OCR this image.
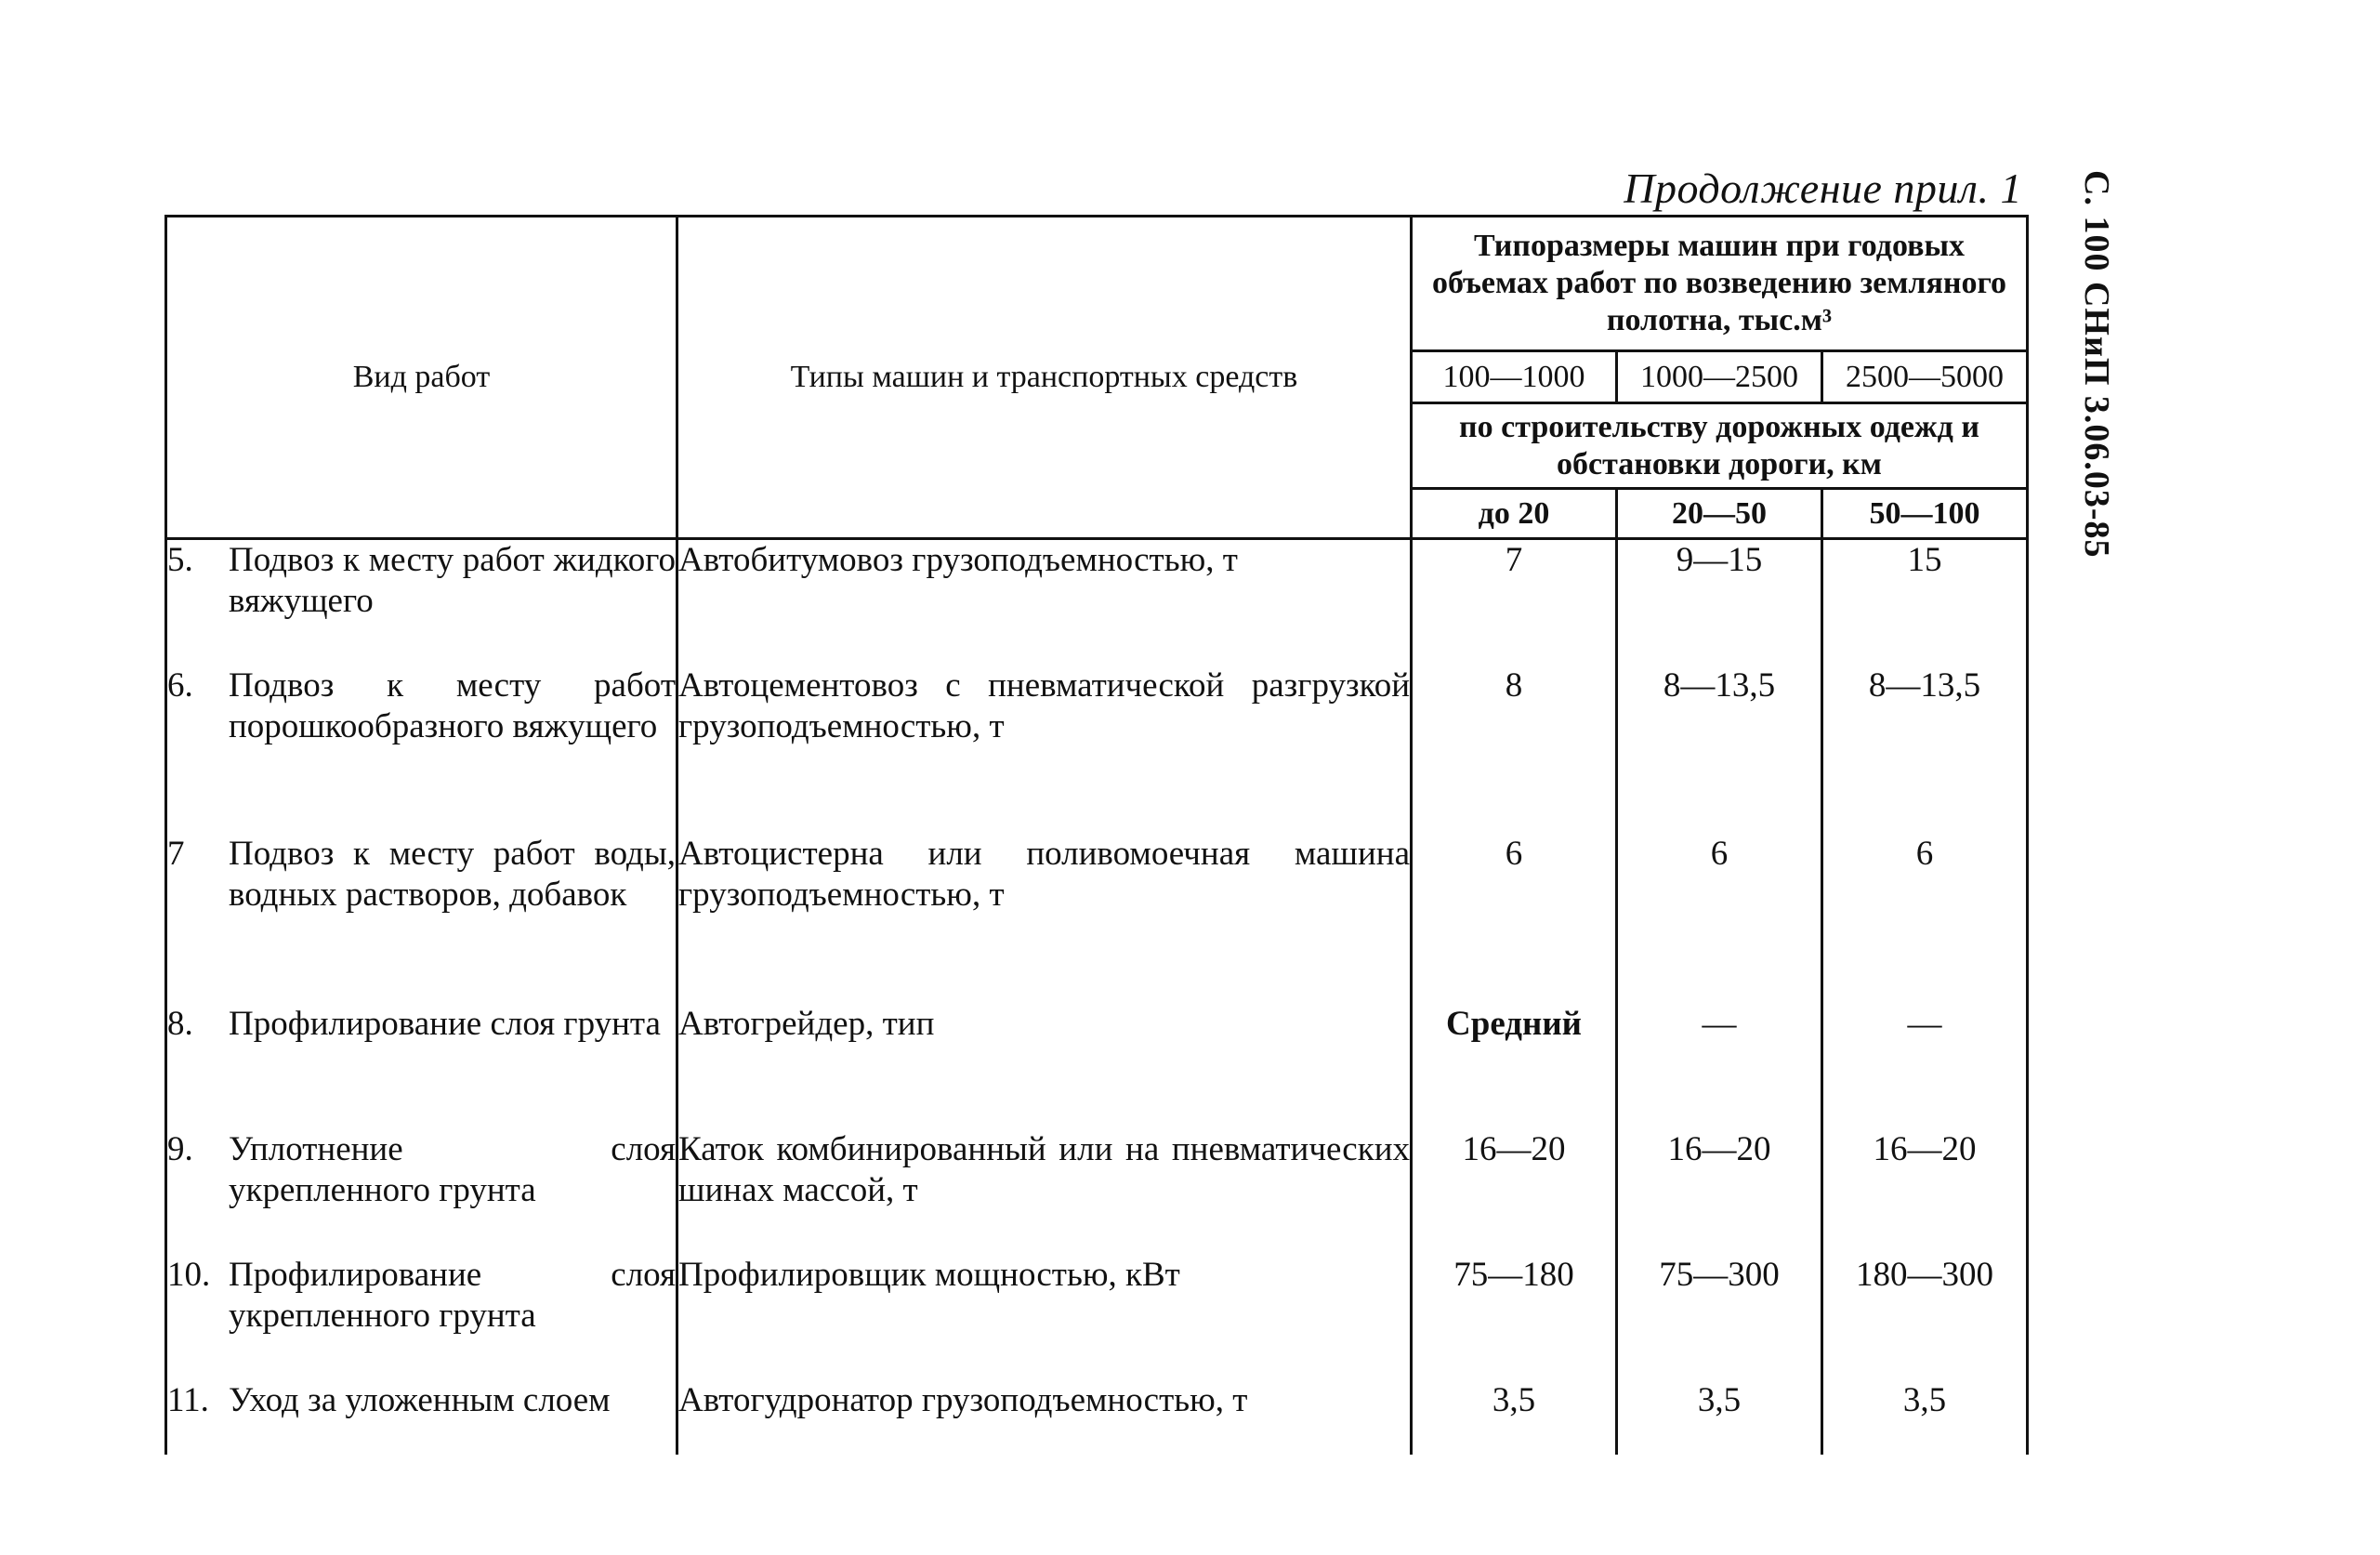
Продолжение прил. 1 С. 100 СНиП 3.06.03-85
Вид работ	Типы машин и транспортных средств	Типоразмеры машин при годовых объемах работ по возведению земляного полотна, тыс.м³		
		100—1000	1000—2500	2500—5000
		по строительству дорожных одежд и обстановки дороги, км		
		до 20	20—50	50—100

5. Подвоз к месту работ жидкого вяжущего	Автобитумовоз грузоподъемностью, т	7	9—15	15

6. Подвоз к месту работ порошкообразного вяжущего	Автоцементовоз с пневматической разгрузкой грузоподъемностью, т	8	8—13,5	8—13,5

7 Подвоз к месту работ воды, водных растворов, добавок	Автоцистерна или поливомоечная машина грузоподъемностью, т	6	6	6

8. Профилирование слоя грунта	Автогрейдер, тип	Средний	—	—

9. Уплотнение слоя укрепленного грунта	Каток комбинированный или на пневматических шинах массой, т	16—20	16—20	16—20

10. Профилирование слоя укрепленного грунта	Профилировщик мощностью, кВт	75—180	75—300	180—300

11. Уход за уложенным слоем	Автогудронатор грузоподъемностью, т	3,5	3,5	3,5
